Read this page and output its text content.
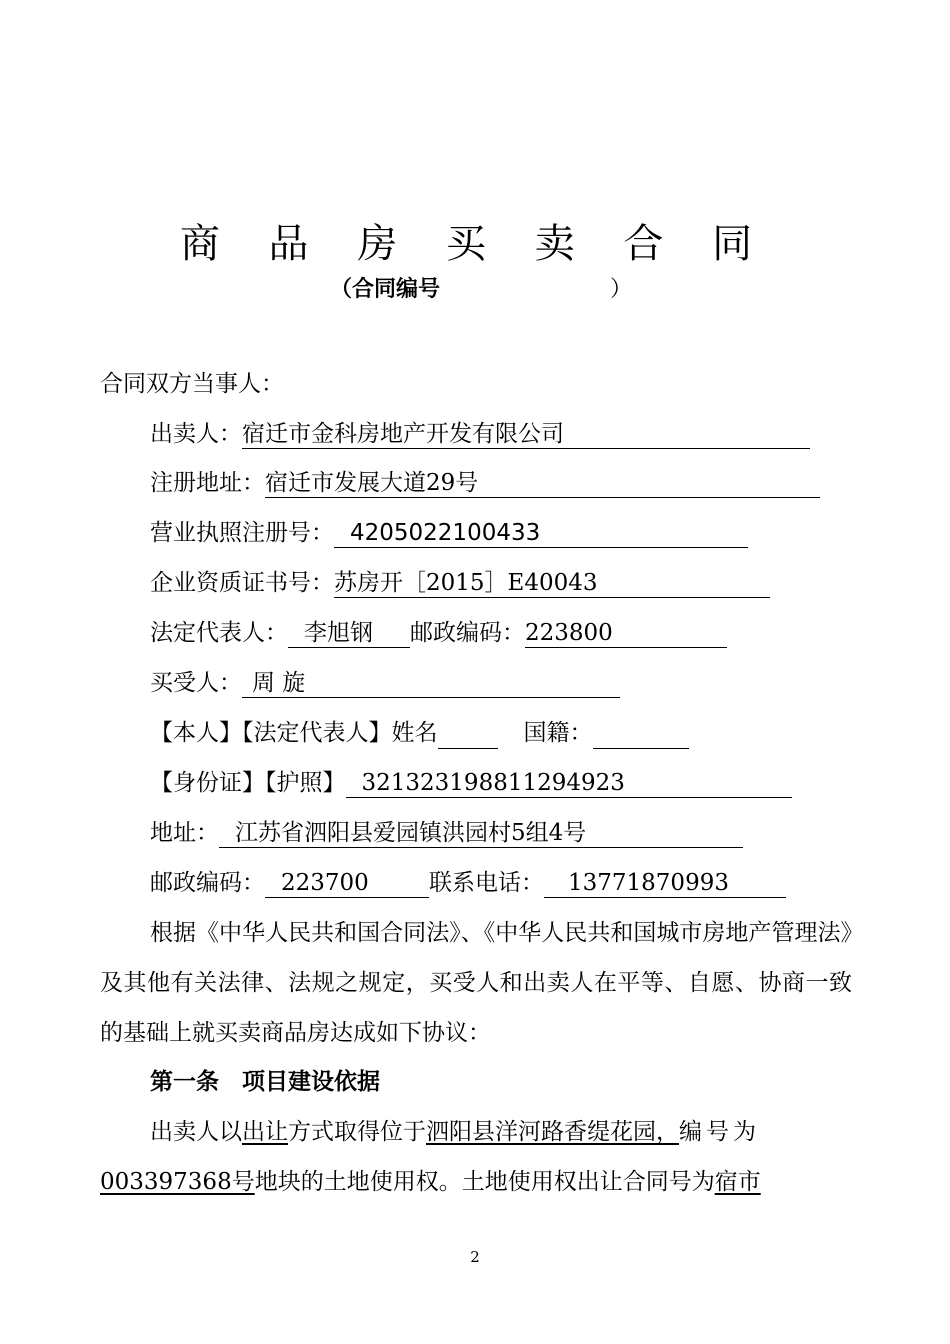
商 品 房 买 卖 合 同
（合同编号	）
合同双方当事人：
出卖人：宿迁市金科房地产开发有限公司
注册地址：宿迁市发展大道29号
营业执照注册号： 4205022100433
企业资质证书号：苏房开［2015］E40043
法定代表人： 李旭钢 邮政编码：223800
买受人： 周 旋
【本人】【法定代表人】姓名	国籍：
【身份证】【护照】 321323198811294923
地址： 江苏省泗阳县爱园镇洪园村5组4号
邮政编码： 223700	联系电话： 13771870993
根据《中华人民共和国合同法》、《中华人民共和国城市房地产管理法》及其他有关法律、法规之规定，买受人和出卖人在平等、自愿、协商一致的基础上就买卖商品房达成如下协议：
第一条　项目建设依据
出卖人以出让方式取得位于泗阳县洋河路香缇花园，编号为
003397368号地块的土地使用权。土地使用权出让合同号为宿市
2
